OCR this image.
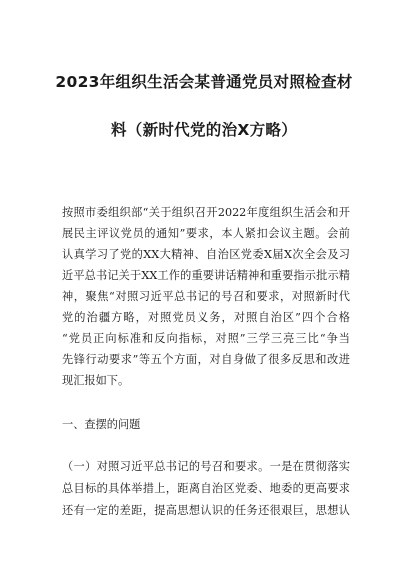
2023年组织生活会某普通党员对照检查材
料（新时代党的治X方略）
按照市委组织部“关于组织召开2022年度组织生活会和开
展民主评议党员的通知”要求，本人紧扣会议主题。会前
认真学习了党的XX大精神、自治区党委X届X次全会及习
近平总书记关于XX工作的重要讲话精神和重要指示批示精
神，聚焦“对照习近平总书记的号召和要求，对照新时代
党的治疆方略，对照党员义务，对照自治区”四个合格
“党员正向标准和反向指标，对照”三学三亮三比“争当
先锋行动要求”等五个方面，对自身做了很多反思和改进
现汇报如下。
一、查摆的问题
（一）对照习近平总书记的号召和要求。一是在贯彻落实
总目标的具体举措上，距离自治区党委、地委的更高要求
还有一定的差距，提高思想认识的任务还很艰巨，思想认
